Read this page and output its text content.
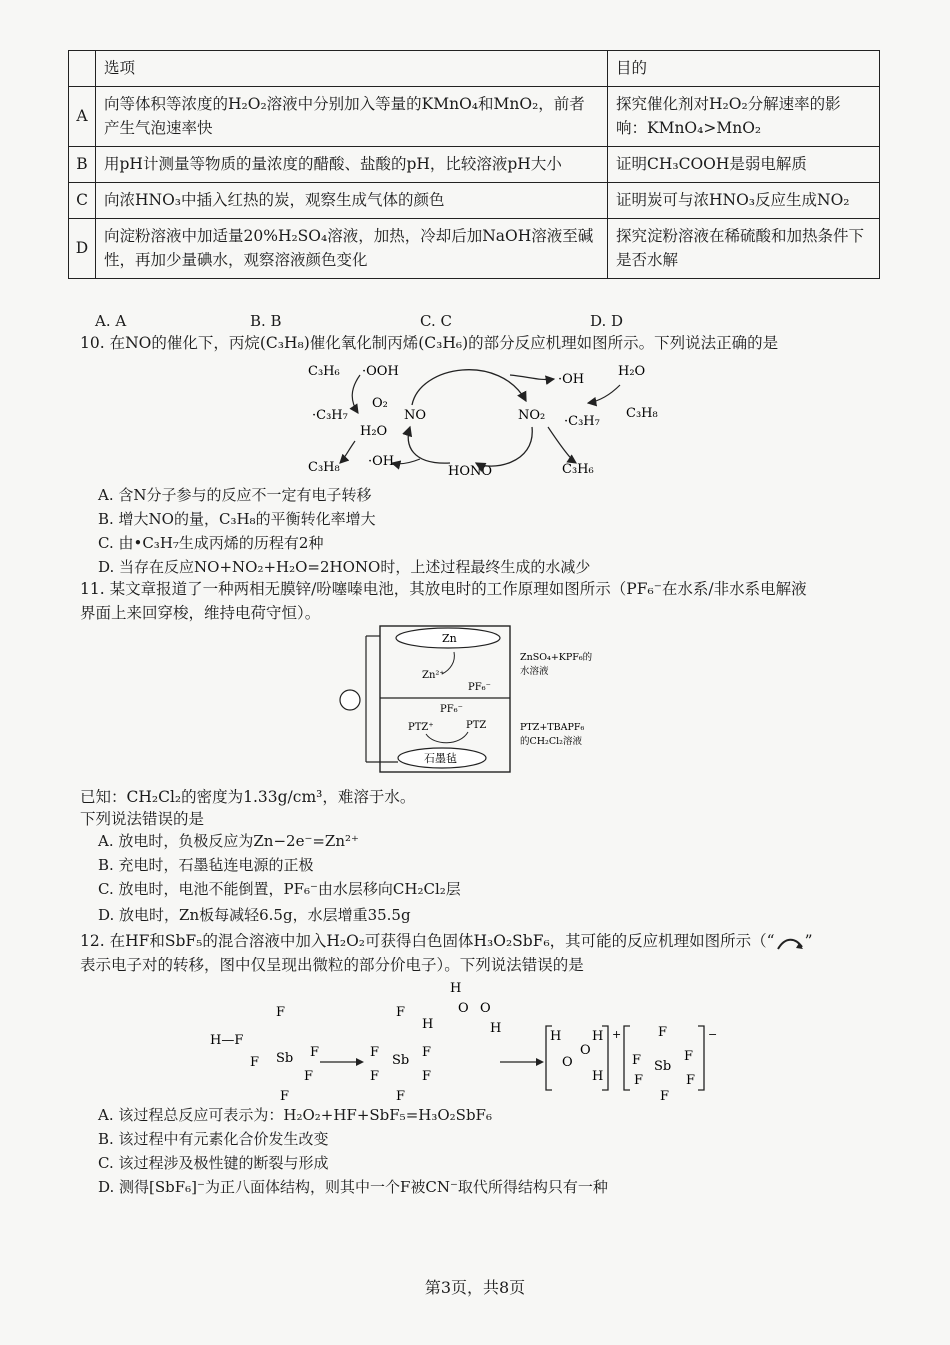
	选项	目的
A	向等体积等浓度的H₂O₂溶液中分别加入等量的KMnO₄和MnO₂，前者产生气泡速率快	探究催化剂对H₂O₂分解速率的影响：KMnO₄>MnO₂
B	用pH计测量等物质的量浓度的醋酸、盐酸的pH，比较溶液pH大小	证明CH₃COOH是弱电解质
C	向浓HNO₃中插入红热的炭，观察生成气体的颜色	证明炭可与浓HNO₃反应生成NO₂
D	向淀粉溶液中加适量20%H₂SO₄溶液，加热，冷却后加NaOH溶液至碱性，再加少量碘水，观察溶液颜色变化	探究淀粉溶液在稀硫酸和加热条件下是否水解
A. A	B. B	C. C	D. D
10. 在NO的催化下，丙烷(C₃H₈)催化氧化制丙烯(C₃H₆)的部分反应机理如图所示。下列说法正确的是
C₃H₆ ·OOH
O₂
·C₃H₇	NO
H₂O
C₃H₈ ·OH
HONO
NO₂ ·C₃H₇
C₃H₆
·OH
H₂O
C₃H₈
A. 含N分子参与的反应不一定有电子转移
B. 增大NO的量，C₃H₈的平衡转化率增大
C. 由•C₃H₇生成丙烯的历程有2种
D. 当存在反应NO+NO₂+H₂O=2HONO时，上述过程最终生成的水减少
11. 某文章报道了一种两相无膜锌/吩噻嗪电池，其放电时的工作原理如图所示（PF₆⁻在水系/非水系电解液
界面上来回穿梭，维持电荷守恒）。
Zn
Zn²⁺
PF₆⁻
PF₆⁻
PTZ⁺	PTZ
石墨毡
ZnSO₄+KPF₆的
水溶液
PTZ+TBAPF₆
的CH₂Cl₂溶液
已知：CH₂Cl₂的密度为1.33g/cm³，难溶于水。
下列说法错误的是
A. 放电时，负极反应为Zn−2e⁻=Zn²⁺
B. 充电时，石墨毡连电源的正极
C. 放电时，电池不能倒置，PF₆⁻由水层移向CH₂Cl₂层
D. 放电时，Zn板每减轻6.5g，水层增重35.5g
12. 在HF和SbF₅的混合溶液中加入H₂O₂可获得白色固体H₃O₂SbF₆，其可能的反应机理如图所示（“ ”
表示电子对的转移，图中仅呈现出微粒的部分价电子）。下列说法错误的是
H—F
F
F Sb F
F
F
F
F
Sb
F
F	F
F
H
O O
H
H
H
O
O
H
H
+	F
F Sb
F
F	F
F
−
A. 该过程总反应可表示为：H₂O₂+HF+SbF₅=H₃O₂SbF₆
B. 该过程中有元素化合价发生改变
C. 该过程涉及极性键的断裂与形成
D. 测得[SbF₆]⁻为正八面体结构，则其中一个F被CN⁻取代所得结构只有一种
第3页，共8页
